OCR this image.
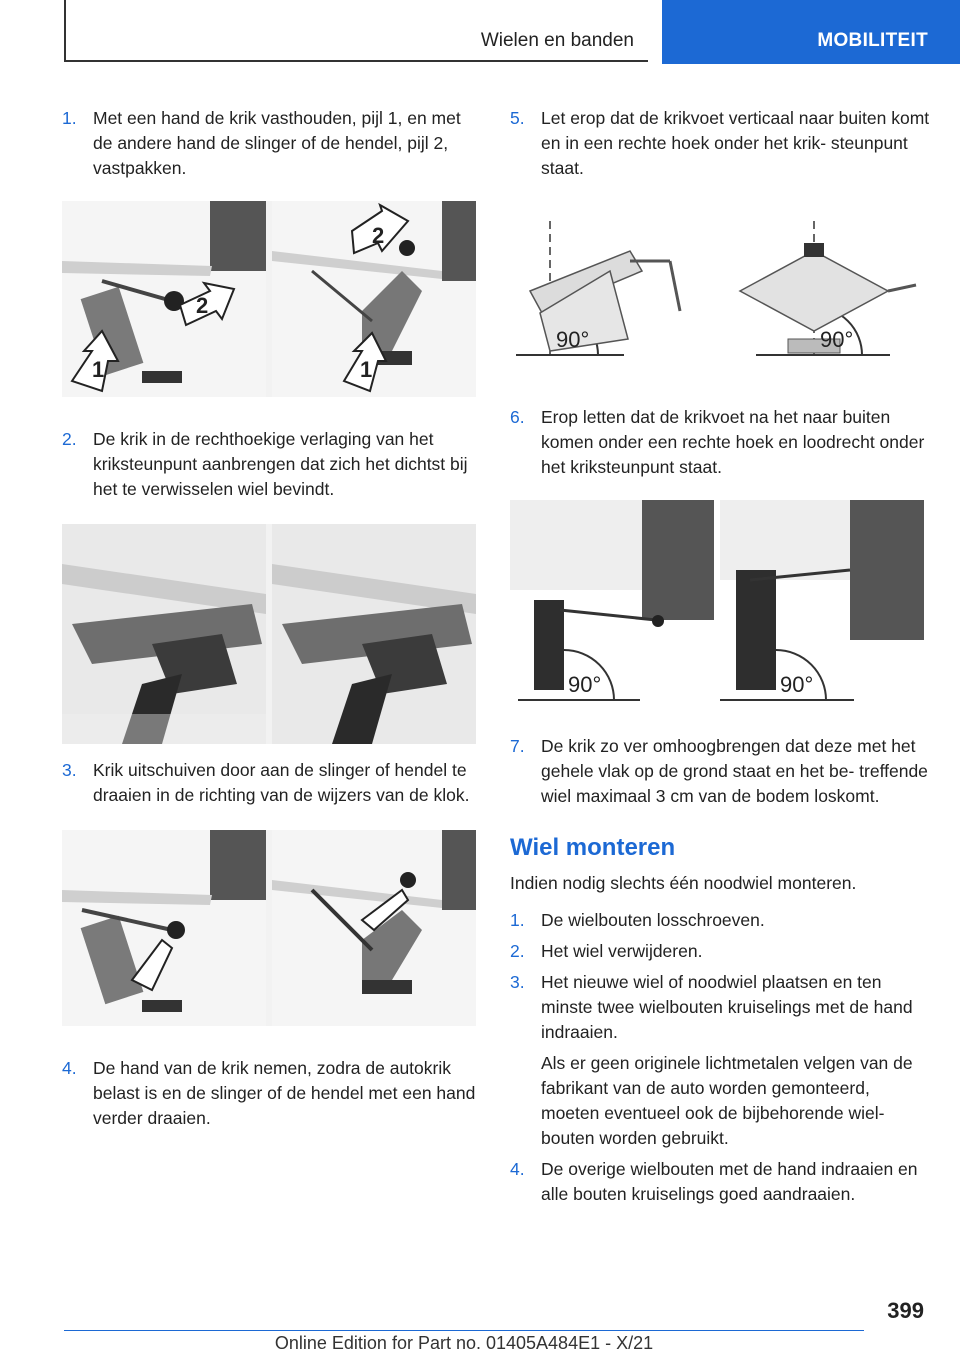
Wielen en banden	MOBILITEIT
1. Met een hand de krik vasthouden, pijl 1, en met de andere hand de slinger of de hendel, pijl 2, vastpakken.

1
2
1
2
2. De krik in de rechthoekige verlaging van het kriksteunpunt aanbrengen dat zich het dichtst bij het te verwisselen wiel bevindt.

3. Krik uitschuiven door aan de slinger of hendel te draaien in de richting van de wijzers van de klok.

4. De hand van de krik nemen, zodra de autokrik belast is en de slinger of de hendel met een hand verder draaien.

5. Let erop dat de krikvoet verticaal naar buiten komt en in een rechte hoek onder het krik- steunpunt staat.

90°	90°
6. Erop letten dat de krikvoet na het naar buiten komen onder een rechte hoek en loodrecht onder het kriksteunpunt staat.

90°	90°
7. De krik zo ver omhoogbrengen dat deze met het gehele vlak op de grond staat en het be- treffende wiel maximaal 3 cm van de bodem loskomt.

Wiel monteren

Indien nodig slechts één noodwiel monteren.

1. De wielbouten losschroeven.

2. Het wiel verwijderen.

3. Het nieuwe wiel of noodwiel plaatsen en ten minste twee wielbouten kruiselings met de hand indraaien.

Als er geen originele lichtmetalen velgen van de fabrikant van de auto worden gemonteerd, moeten eventueel ook de bijbehorende wiel- bouten worden gebruikt.

4. De overige wielbouten met de hand indraaien en alle bouten kruiselings goed aandraaien.

399
Online Edition for Part no. 01405A484E1 - X/21
